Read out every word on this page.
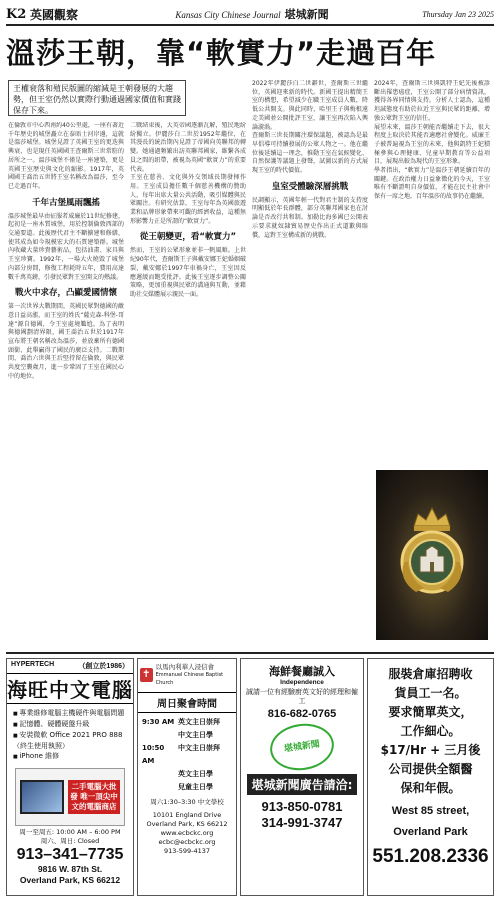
K2 英國觀察	Kansas City Chinese Journal 堪城新聞	Thursday Jan 23 2025
溫莎王朝，靠“軟實力”走過百年
王權衰落和殖民版圖的縮減是王朝發展的大趨勢，但王室仍然以實際行動通過國家價值和實踐保存下來。

在倫敦市中心西南約40公里處，一座有著近千年歷史的城堡矗立在泰晤士河岸邊，這就是溫莎城堡。城堡見證了英國王室的更迭與興衰，也是現任英國國王查爾斯三世常駐的居所之一。溫莎城堡不僅是一座建築，更是英國王室歷史與文化的縮影。1917年，英國國王喬治五世將王室名稱改為溫莎，至今已走過百年。

千年古堡風雨飄搖

溫莎城堡最早由征服者威廉於11世紀修建，起初是一座木質城堡，用於控制倫敦西部的交通要道。此後歷代君主不斷擴建和修繕，使其成為如今規模宏大的石質建築群。城堡內收藏大量珍貴藝術品，包括油畫、家具與王室珍寶。1992年，一場大火燒毀了城堡內部分房間，修復工程耗時五年，費用高達數千萬英鎊，引發民眾對王室開支的熱議。

戰火中求存，凸顯愛國情懷

第一次世界大戰期間，英國民眾對德國的敵意日益高漲，而王室的姓氏“薩克森-科堡-哥達”源自德國，令王室處境尷尬。為了表明與德國劃清界限，國王喬治五世於1917年宣布將王朝名稱改為溫莎，並放棄所有德國頭銜，此舉贏得了國民的廣泛支持。二戰期間，喬治六世與王后堅持留在倫敦，與民眾共度空襲歲月，進一步鞏固了王室在國民心中的地位。

二戰結束後，大英帝國逐漸瓦解，殖民地紛紛獨立。伊麗莎白二世於1952年繼位，在其漫長的統治期內見證了帝國向英聯邦的轉變。她通過頻繁出訪英聯邦國家，維繫各成員之間的紐帶，被視為英國“軟實力”的重要代表。

王室在慈善、文化與外交領域長期發揮作用。王室成員擔任數千個慈善機構的贊助人，每年出席大量公共活動，吸引媒體與民眾關注。有研究估算，王室每年為英國旅遊業和品牌形象帶來可觀的經濟收益，這種無形影響力正是所謂的“軟實力”。

從王朝變更，看“軟實力”

然而，王室的公眾形象並非一帆風順。上世紀90年代，查爾斯王子與戴安娜王妃婚姻破裂，戴安娜於1997年車禍身亡，王室因反應遲緩而飽受批評。此後王室逐步調整公關策略，更加重視與民眾的溝通與互動，並藉助社交媒體展示親民一面。

2022年伊麗莎白二世辭世，查爾斯三世繼位，英國迎來新的時代。新國王提出精簡王室的構想，希望減少在職王室成員人數，降低公共開支。與此同時，哈里王子與梅根遠走美國並公開批評王室，讓王室再次陷入輿論漩渦。

查爾斯三世長期關注環保議題，被認為是最早倡導可持續發展的公眾人物之一。他在繼位後延續這一理念，推動王室在氣候變化、自然保護等議題上發聲，試圖以新的方式展現王室的時代價值。

皇室受體驗深層挑戰

民調顯示，英國年輕一代對君主制的支持度明顯低於年長群體，部分英聯邦國家也在討論是否改行共和制。加勒比海多國已公開表示要求就奴隸貿易歷史作出正式道歉與賠償，這對王室構成新的挑戰。

2024年，查爾斯三世與凱特王妃先後被診斷出罹患癌症，王室公開了部分病情資訊，獲得各界同情與支持。分析人士認為，這種坦誠態度有助於拉近王室與民眾的距離，增強公眾對王室的信任。

展望未來，溫莎王朝能否繼續走下去，很大程度上取決於其能否適應社會變化。威廉王子被普遍視為王室的未來，他與凱特王妃積極參與心理健康、兒童早期教育等公益項目，展現出較為現代的王室形象。

學者指出，“軟實力”是溫莎王朝延續百年的關鍵。在政治權力日益象徵化的今天，王室唯有不斷證明自身價值，才能在民主社會中保有一席之地。百年溫莎的故事仍在繼續。

HYPERTECH	（創立於1986）
海旺中文電腦
■ 專業維修電腦主機硬件與電腦問題
■ 記憶體、硬體硬盤升級
■ 安裝微軟 Office 2021 PRO 888（終生使用執照）
■ iPhone 維修
二手電腦大批發 唯一頂尖中文的電腦商店
周一至周五: 10:00 AM – 6:00 PM
周六、周日: Closed
913–341–7735
9816 W. 87th St.
Overland Park, KS 66212
✝
以馬內利華人浸信會
Emmanuel Chinese Baptist Church
周日聚會時間
9:30 AM 英文主日崇拜
中文主日學
10:50 AM
中文主日崇拜
英文主日學
兒童主日學
周六1:30–3:30 中文學校
10101 England Drive
Overland Park, KS 66212
www.ecbckc.org
ecbc@ecbckc.org
913-599-4137
海鮮餐廳誠入
Independence
誠請一位有經驗廚英文好的經理和僱工
816-682-0765
堪城新聞
堪城新聞廣告請洽:
913-850-0781
314-991-3747
服裝倉庫招聘收
貨員工一名。
要求簡單英文，
工作細心。
$17/Hr + 三月後
公司提供全額醫
保和年假。
West 85 street,
Overland Park
551.208.2336
